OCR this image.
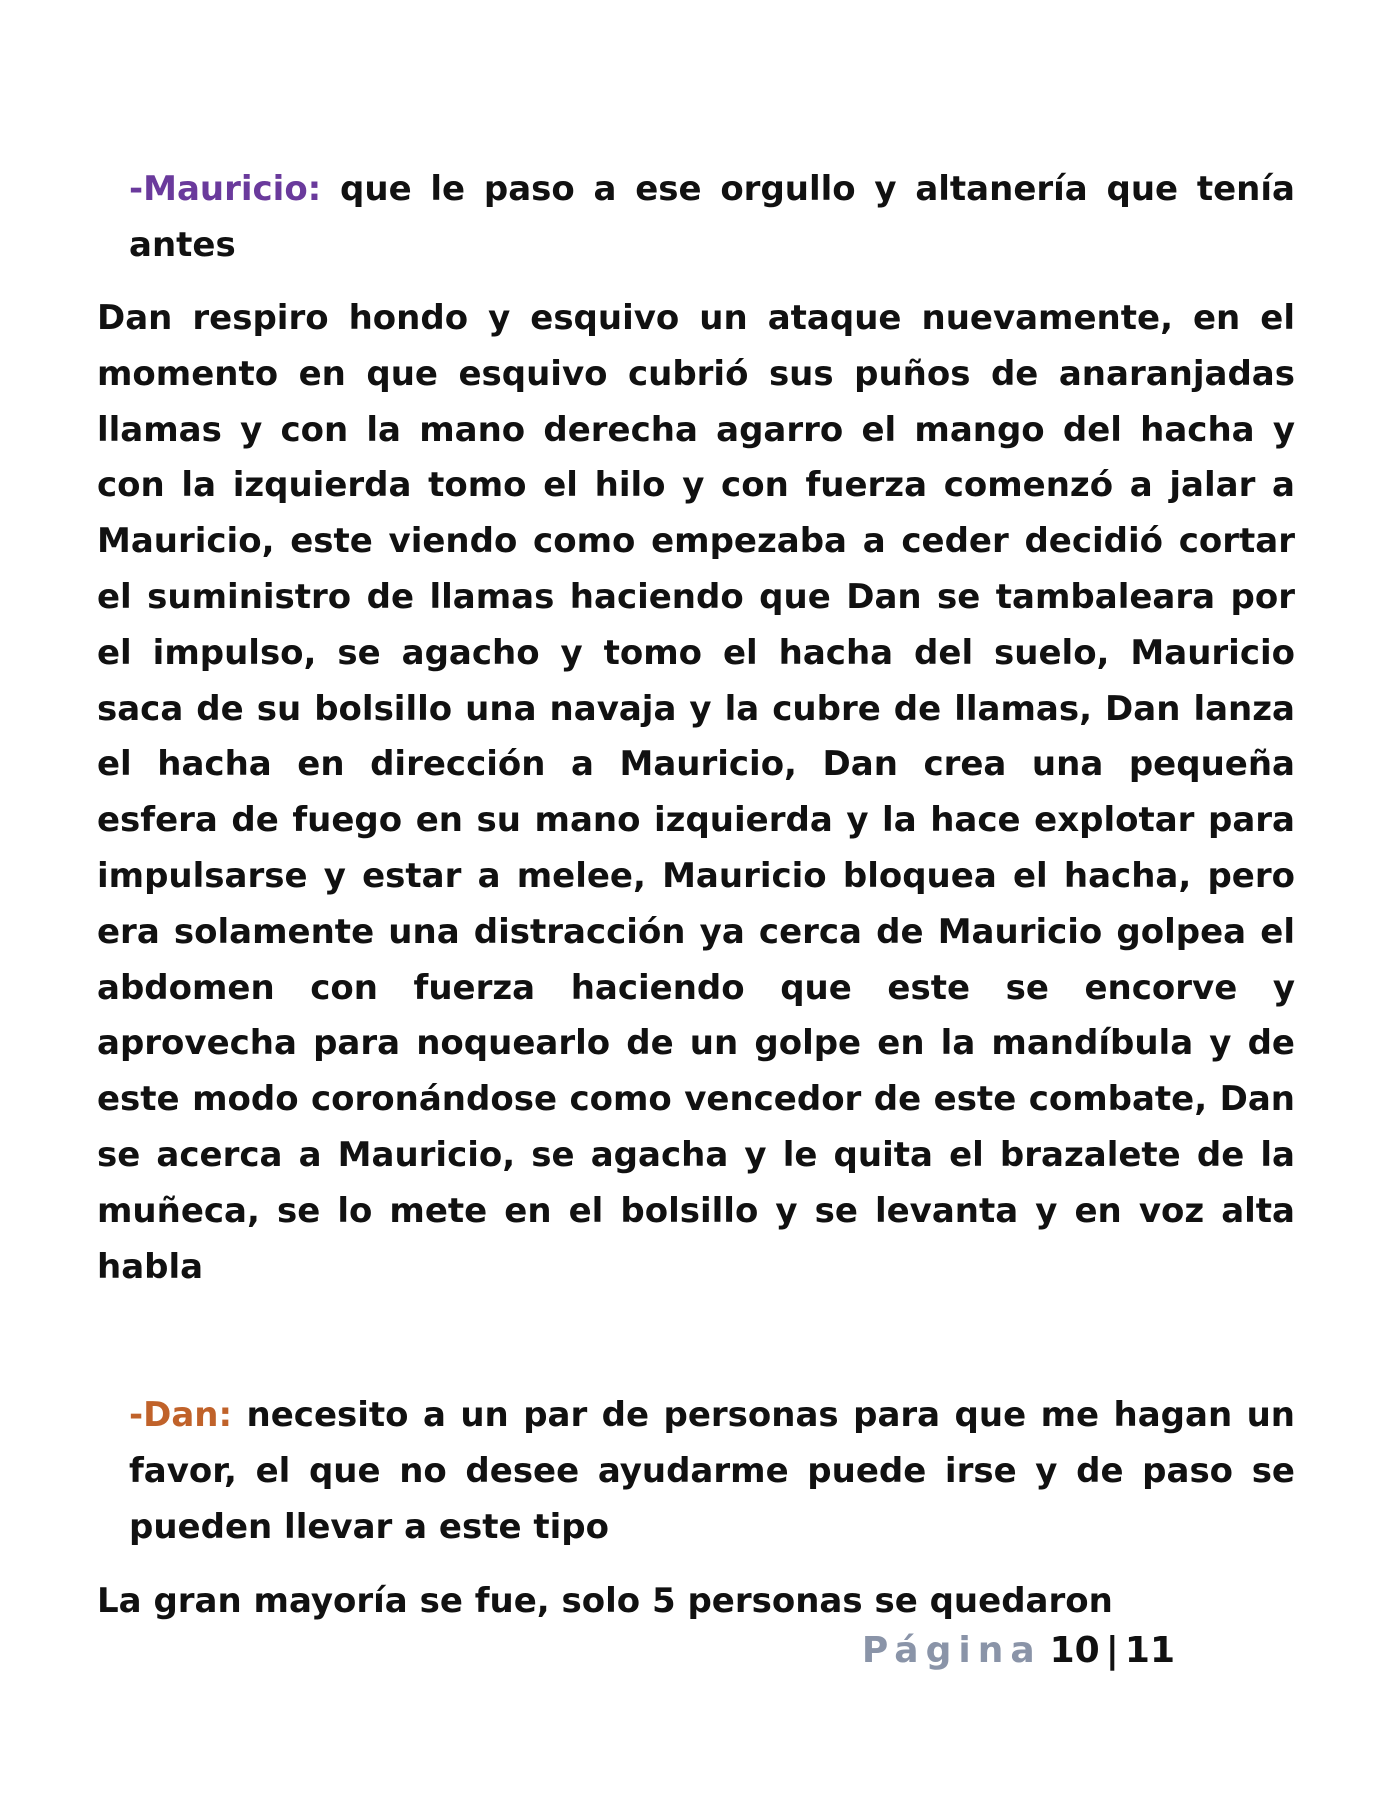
-Mauricio: que le paso a ese orgullo y altanería que tenía antes

Dan respiro hondo y esquivo un ataque nuevamente, en el momento en que esquivo cubrió sus puños de anaranjadas llamas y con la mano derecha agarro el mango del hacha y con la izquierda tomo el hilo y con fuerza comenzó a jalar a Mauricio, este viendo como empezaba a ceder decidió cortar el suministro de llamas haciendo que Dan se tambaleara por el impulso, se agacho y tomo el hacha del suelo, Mauricio saca de su bolsillo una navaja y la cubre de llamas, Dan lanza el hacha en dirección a Mauricio, Dan crea una pequeña esfera de fuego en su mano izquierda y la hace explotar para impulsarse y estar a melee, Mauricio bloquea el hacha, pero era solamente una distracción ya cerca de Mauricio golpea el abdomen con fuerza haciendo que este se encorve y aprovecha para noquearlo de un golpe en la mandíbula y de este modo coronándose como vencedor de este combate, Dan se acerca a Mauricio, se agacha y le quita el brazalete de la muñeca, se lo mete en el bolsillo y se levanta y en voz alta habla

-Dan: necesito a un par de personas para que me hagan un favor, el que no desee ayudarme puede irse y de paso se pueden llevar a este tipo

La gran mayoría se fue, solo 5 personas se quedaron

Página 10 | 11
